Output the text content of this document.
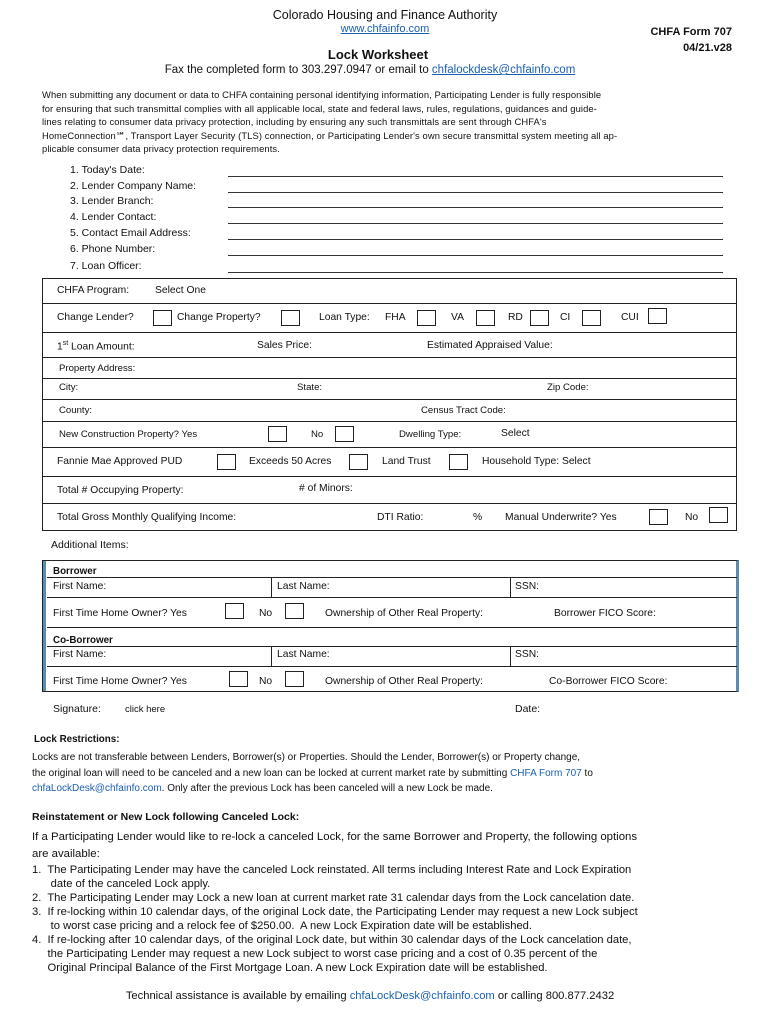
Colorado Housing and Finance Authority
www.chfainfo.com	CHFA Form 707
04/21.v28
Lock Worksheet
Fax the completed form to 303.297.0947 or email to chfalockdesk@chfainfo.com
When submitting any document or data to CHFA containing personal identifying information, Participating Lender is fully responsible
for ensuring that such transmittal complies with all applicable local, state and federal laws, rules, regulations, guidances and guide-
lines relating to consumer data privacy protection, including by ensuring any such transmittals are sent through CHFA's
HomeConnection℠, Transport Layer Security (TLS) connection, or Participating Lender's own secure transmittal system meeting all ap-
plicable consumer data privacy protection requirements.
1. Today's Date:
2. Lender Company Name:
3. Lender Branch:
4. Lender Contact:
5. Contact Email Address:
6. Phone Number:
7. Loan Officer:
CHFA Program:	Select One
Change Lender?	Change Property?	Loan Type: FHA	VA	RD	CI	CUI
1st Loan Amount:	Sales Price:	Estimated Appraised Value:
Property Address:
City:	State:	Zip Code:
County:	Census Tract Code:
New Construction Property? Yes	No	Dwelling Type:	Select
Fannie Mae Approved PUD	Exceeds 50 Acres	Land Trust	Household Type: Select
Total # Occupying Property:	# of Minors:
Total Gross Monthly Qualifying Income:	DTI Ratio:	% Manual Underwrite? Yes	No
Additional Items:
Borrower
First Name:	Last Name:	SSN:
First Time Home Owner? Yes	No	Ownership of Other Real Property:	Borrower FICO Score:
Co-Borrower
First Name:	Last Name:	SSN:
First Time Home Owner? Yes	No	Ownership of Other Real Property:	Co-Borrower FICO Score:
Signature:	click here	Date:
Lock Restrictions:
Locks are not transferable between Lenders, Borrower(s) or Properties. Should the Lender, Borrower(s) or Property change,
the original loan will need to be canceled and a new loan can be locked at current market rate by submitting CHFA Form 707 to
chfaLockDesk@chfainfo.com. Only after the previous Lock has been canceled will a new Lock be made.
Reinstatement or New Lock following Canceled Lock:
If a Participating Lender would like to re-lock a canceled Lock, for the same Borrower and Property, the following options
are available:
1.  The Participating Lender may have the canceled Lock reinstated. All terms including Interest Rate and Lock Expiration
date of the canceled Lock apply.
2.  The Participating Lender may Lock a new loan at current market rate 31 calendar days from the Lock cancelation date.
3.  If re-locking within 10 calendar days, of the original Lock date, the Participating Lender may request a new Lock subject
to worst case pricing and a relock fee of $250.00.  A new Lock Expiration date will be established.
4.  If re-locking after 10 calendar days, of the original Lock date, but within 30 calendar days of the Lock cancelation date,
the Participating Lender may request a new Lock subject to worst case pricing and a cost of 0.35 percent of the
Original Principal Balance of the First Mortgage Loan. A new Lock Expiration date will be established.
Technical assistance is available by emailing chfaLockDesk@chfainfo.com or calling 800.877.2432
